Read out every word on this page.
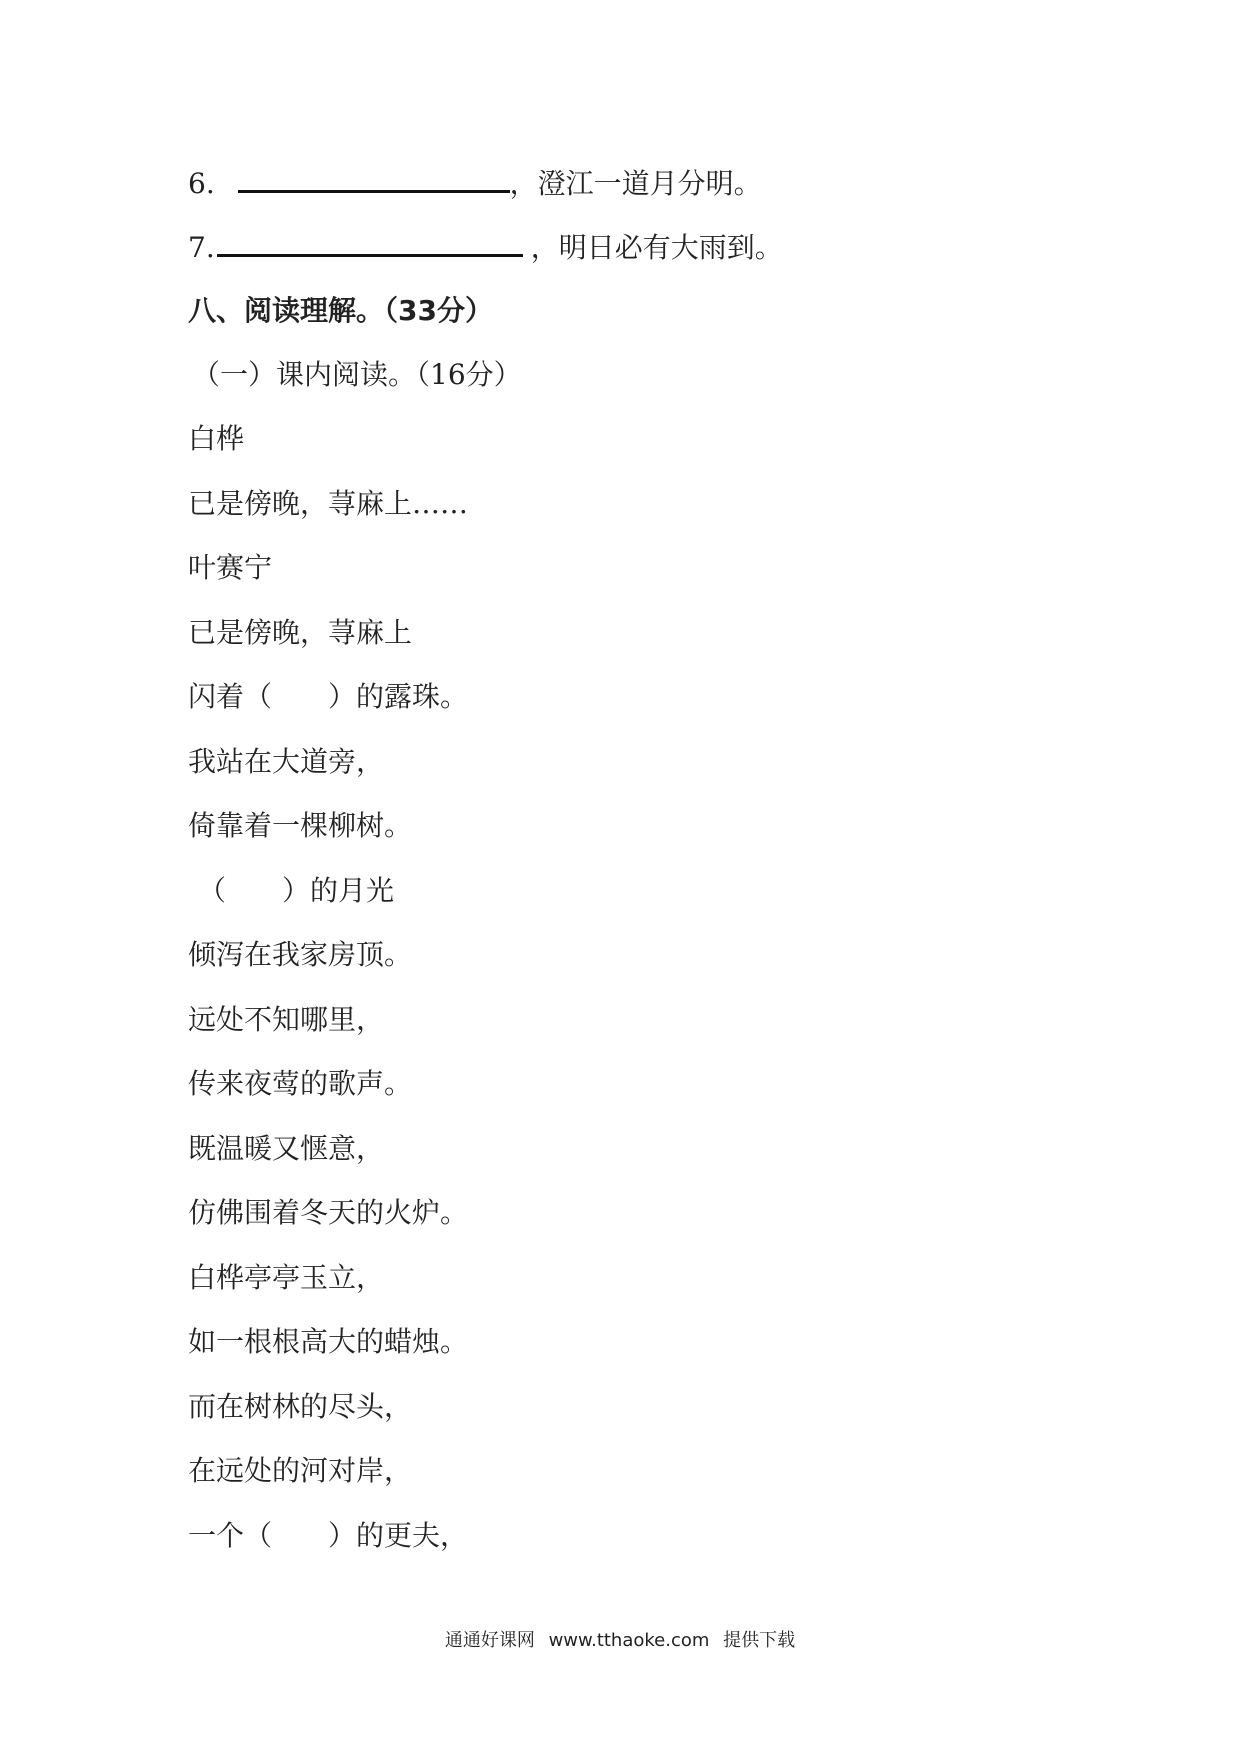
6.	，澄江一道月分明。
7.	，明日必有大雨到。
八、阅读理解。（33分）
（一）课内阅读。（16分）
白桦
已是傍晚，荨麻上……
叶赛宁
已是傍晚，荨麻上
闪着（　　）的露珠。
我站在大道旁，
倚靠着一棵柳树。
（　　）的月光
倾泻在我家房顶。
远处不知哪里，
传来夜莺的歌声。
既温暖又惬意，
仿佛围着冬天的火炉。
白桦亭亭玉立，
如一根根高大的蜡烛。
而在树林的尽头，
在远处的河对岸，
一个（　　）的更夫，
通通好课网 www.tthaoke.com 提供下载
